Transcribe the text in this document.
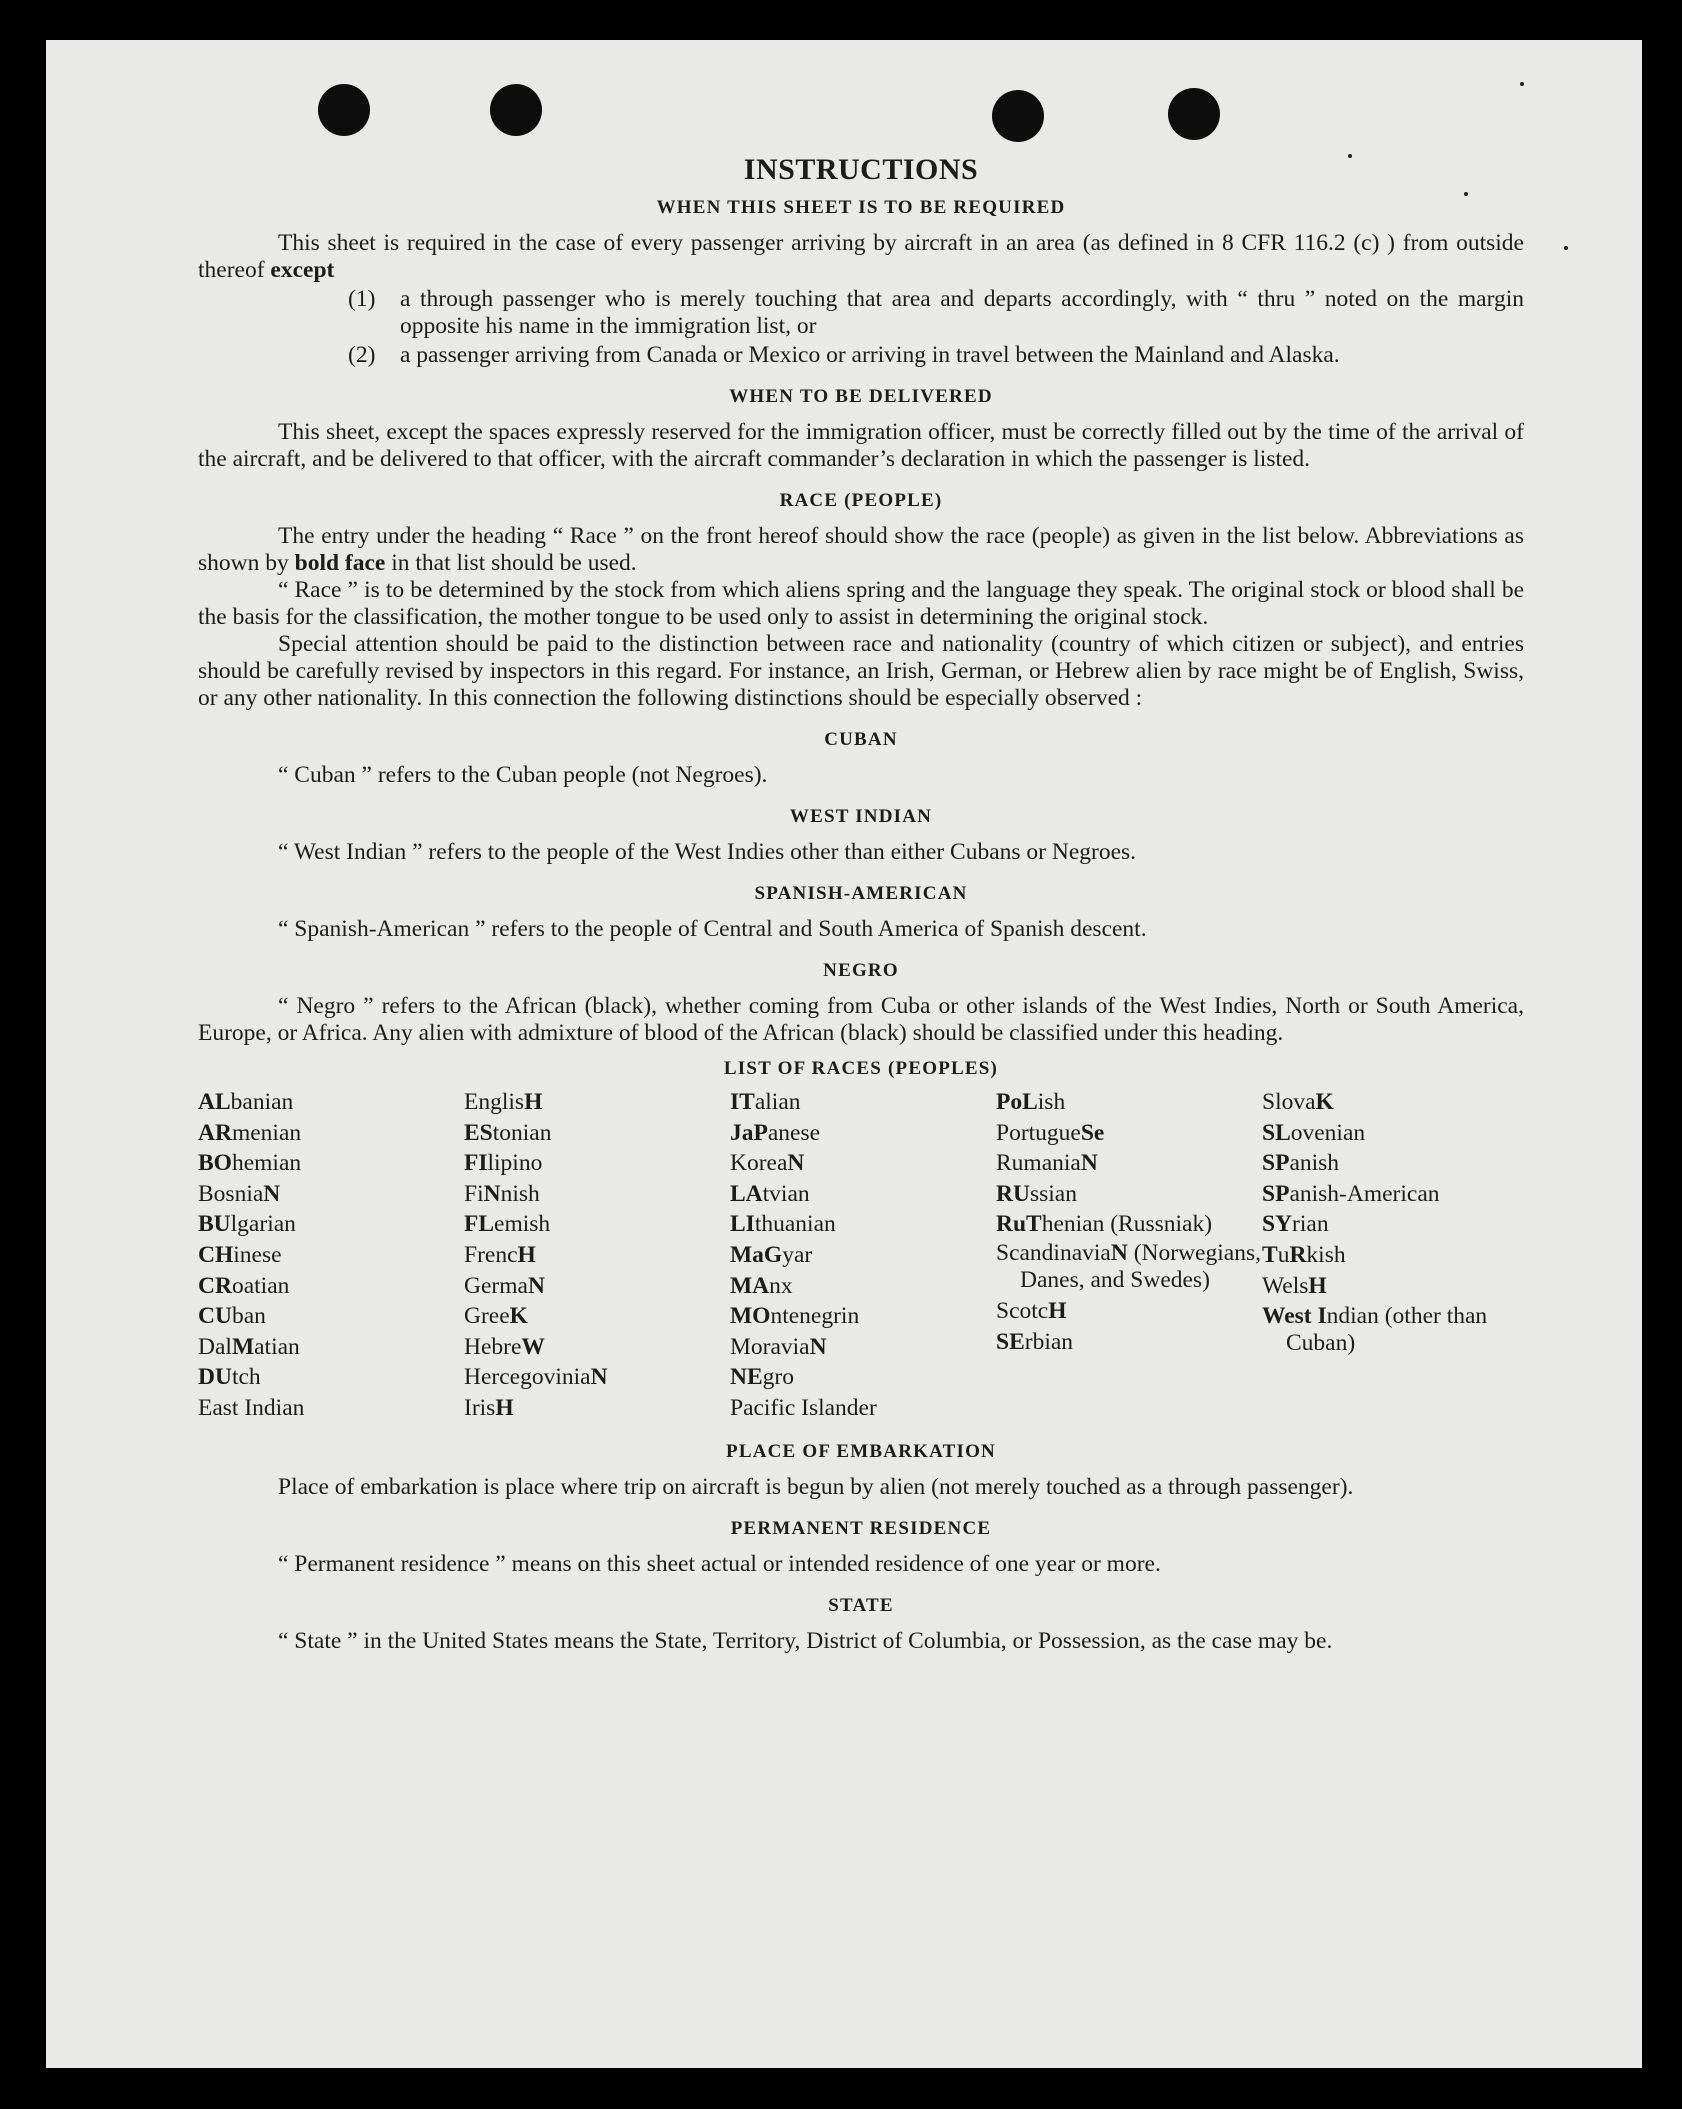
INSTRUCTIONS
WHEN THIS SHEET IS TO BE REQUIRED

This sheet is required in the case of every passenger arriving by aircraft in an area (as defined in 8 CFR 116.2 (c) ) from outside thereof except

(1)	a through passenger who is merely touching that area and departs accordingly, with “ thru ” noted on the margin opposite his name in the immigration list, or
(2)	a passenger arriving from Canada or Mexico or arriving in travel between the Mainland and Alaska.
WHEN TO BE DELIVERED

This sheet, except the spaces expressly reserved for the immigration officer, must be correctly filled out by the time of the arrival of the aircraft, and be delivered to that officer, with the aircraft commander’s declaration in which the passenger is listed.

RACE (PEOPLE)

The entry under the heading “ Race ” on the front hereof should show the race (people) as given in the list below. Abbreviations as shown by bold face in that list should be used.

“ Race ” is to be determined by the stock from which aliens spring and the language they speak. The original stock or blood shall be the basis for the classification, the mother tongue to be used only to assist in determining the original stock.

Special attention should be paid to the distinction between race and nationality (country of which citizen or subject), and entries should be carefully revised by inspectors in this regard. For instance, an Irish, German, or Hebrew alien by race might be of English, Swiss, or any other nationality. In this connection the following distinctions should be especially observed :

CUBAN

“ Cuban ” refers to the Cuban people (not Negroes).

WEST INDIAN

“ West Indian ” refers to the people of the West Indies other than either Cubans or Negroes.

SPANISH-AMERICAN

“ Spanish-American ” refers to the people of Central and South America of Spanish descent.

NEGRO

“ Negro ” refers to the African (black), whether coming from Cuba or other islands of the West Indies, North or South America, Europe, or Africa. Any alien with admixture of blood of the African (black) should be classified under this heading.

LIST OF RACES (PEOPLES)
ALbanian
ARmenian
BOhemian
BosniaN
BUlgarian
CHinese
CRoatian
CUban
DalMatian
DUtch
East Indian
EnglisH
EStonian
FIlipino
FiNnish
FLemish
FrencH
GermaN
GreeK
HebreW
HercegoviniaN
IrisH
ITalian
JaPanese
KoreaN
LAtvian
LIthuanian
MaGyar
MAnx
MOntenegrin
MoraviaN
NEgro
Pacific Islander
PoLish
PortugueSe
RumaniaN
RUssian
RuThenian (Russniak)
ScandinaviaN (Norwegians, Danes, and Swedes)
ScotcH
SErbian
SlovaK
SLovenian
SPanish
SPanish-American
SYrian
TuRkish
WelsH
West Indian (other than Cuban)
PLACE OF EMBARKATION

Place of embarkation is place where trip on aircraft is begun by alien (not merely touched as a through passenger).

PERMANENT RESIDENCE

“ Permanent residence ” means on this sheet actual or intended residence of one year or more.

STATE

“ State ” in the United States means the State, Territory, District of Columbia, or Possession, as the case may be.
